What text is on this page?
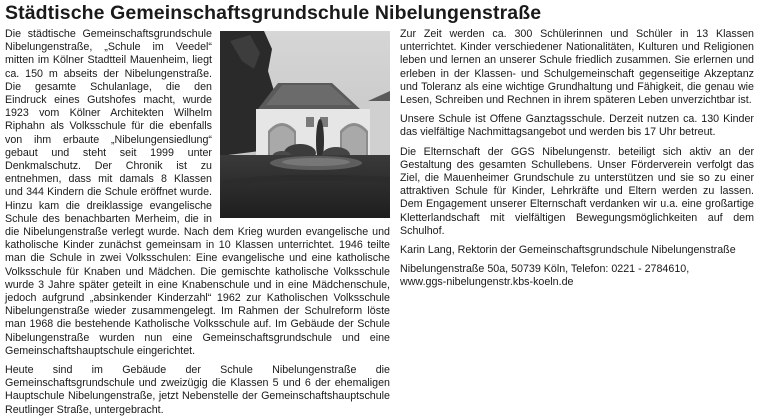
Städtische Gemeinschaftsgrundschule Nibelungenstraße

Die städtische Gemeinschaftsgrundschule Nibelungenstraße, „Schule im Veedel“ mitten im Kölner Stadtteil Mauenheim, liegt ca. 150 m abseits der Nibelungenstraße. Die gesamte Schulanlage, die den Eindruck eines Gutshofes macht, wurde 1923 vom Kölner Architekten Wilhelm Riphahn als Volksschule für die ebenfalls von ihm erbaute „Nibelungensiedlung“ gebaut und steht seit 1999 unter Denkmalschutz. Der Chronik ist zu entnehmen, dass mit damals 8 Klassen und 344 Kindern die Schule eröffnet wurde. Hinzu kam die dreiklassige evangelische Schule des benachbarten Merheim, die in die Nibelungenstraße verlegt wurde. Nach dem Krieg wurden evangelische und katholische Kinder zunächst gemeinsam in 10 Klassen unterrichtet. 1946 teilte man die Schule in zwei Volksschulen: Eine evangelische und eine katholische Volksschule für Knaben und Mädchen. Die gemischte katholische Volksschule wurde 3 Jahre später geteilt in eine Knabenschule und in eine Mädchenschule, jedoch aufgrund „absinkender Kinderzahl“ 1962 zur Katholischen Volksschule Nibelungenstraße wieder zusammengelegt. Im Rahmen der Schulreform löste man 1968 die bestehende Katholische Volksschule auf. Im Gebäude der Schule Nibelungenstraße wurden nun eine Gemeinschaftsgrundschule und eine Gemeinschaftshauptschule eingerichtet.

Heute sind im Gebäude der Schule Nibelungenstraße die Gemeinschaftsgrundschule und zweizügig die Klassen 5 und 6 der ehemaligen Hauptschule Nibelungenstraße, jetzt Nebenstelle der Gemeinschaftshauptschule Reutlinger Straße, untergebracht.

Zur Zeit werden ca. 300 Schülerinnen und Schüler in 13 Klassen unterrichtet. Kinder verschiedener Nationalitäten, Kulturen und Religionen leben und lernen an unserer Schule friedlich zusammen. Sie erlernen und erleben in der Klassen- und Schulgemeinschaft gegenseitige Akzeptanz und Toleranz als eine wichtige Grundhaltung und Fähigkeit, die genau wie Lesen, Schreiben und Rechnen in ihrem späteren Leben unverzichtbar ist.

Unsere Schule ist Offene Ganztagsschule. Derzeit nutzen ca. 130 Kinder das vielfältige Nachmittagsangebot und werden bis 17 Uhr betreut.

Die Elternschaft der GGS Nibelungenstr. beteiligt sich aktiv an der Gestaltung des gesamten Schullebens. Unser Förderverein verfolgt das Ziel, die Mauenheimer Grundschule zu unterstützen und sie so zu einer attraktiven Schule für Kinder, Lehrkräfte und Eltern werden zu lassen. Dem Engagement unserer Elternschaft verdanken wir u.a. eine großartige Kletterlandschaft mit vielfältigen Bewegungsmöglichkeiten auf dem Schulhof.

Karin Lang, Rektorin der Gemeinschaftsgrundschule Nibelungenstraße

Nibelungenstraße 50a, 50739 Köln, Telefon: 0221 - 2784610,

www.ggs-nibelungenstr.kbs-koeln.de
